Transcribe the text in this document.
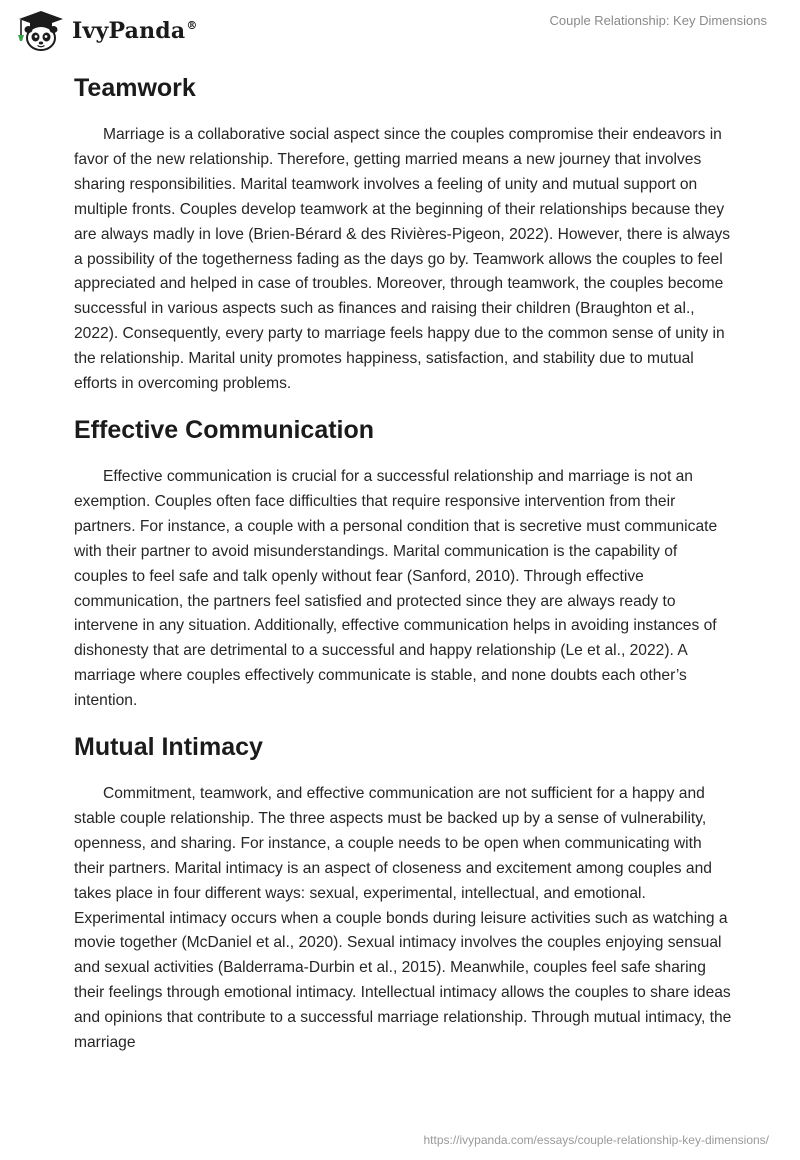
IvyPanda®	Couple Relationship: Key Dimensions
Teamwork

Marriage is a collaborative social aspect since the couples compromise their endeavors in favor of the new relationship. Therefore, getting married means a new journey that involves sharing responsibilities. Marital teamwork involves a feeling of unity and mutual support on multiple fronts. Couples develop teamwork at the beginning of their relationships because they are always madly in love (Brien-Bérard & des Rivières-Pigeon, 2022). However, there is always a possibility of the togetherness fading as the days go by. Teamwork allows the couples to feel appreciated and helped in case of troubles. Moreover, through teamwork, the couples become successful in various aspects such as finances and raising their children (Braughton et al., 2022). Consequently, every party to marriage feels happy due to the common sense of unity in the relationship. Marital unity promotes happiness, satisfaction, and stability due to mutual efforts in overcoming problems.

Effective Communication

Effective communication is crucial for a successful relationship and marriage is not an exemption. Couples often face difficulties that require responsive intervention from their partners. For instance, a couple with a personal condition that is secretive must communicate with their partner to avoid misunderstandings. Marital communication is the capability of couples to feel safe and talk openly without fear (Sanford, 2010). Through effective communication, the partners feel satisfied and protected since they are always ready to intervene in any situation. Additionally, effective communication helps in avoiding instances of dishonesty that are detrimental to a successful and happy relationship (Le et al., 2022). A marriage where couples effectively communicate is stable, and none doubts each other’s intention.

Mutual Intimacy

Commitment, teamwork, and effective communication are not sufficient for a happy and stable couple relationship. The three aspects must be backed up by a sense of vulnerability, openness, and sharing. For instance, a couple needs to be open when communicating with their partners. Marital intimacy is an aspect of closeness and excitement among couples and takes place in four different ways: sexual, experimental, intellectual, and emotional. Experimental intimacy occurs when a couple bonds during leisure activities such as watching a movie together (McDaniel et al., 2020). Sexual intimacy involves the couples enjoying sensual and sexual activities (Balderrama-Durbin et al., 2015). Meanwhile, couples feel safe sharing their feelings through emotional intimacy. Intellectual intimacy allows the couples to share ideas and opinions that contribute to a successful marriage relationship. Through mutual intimacy, the marriage

https://ivypanda.com/essays/couple-relationship-key-dimensions/
